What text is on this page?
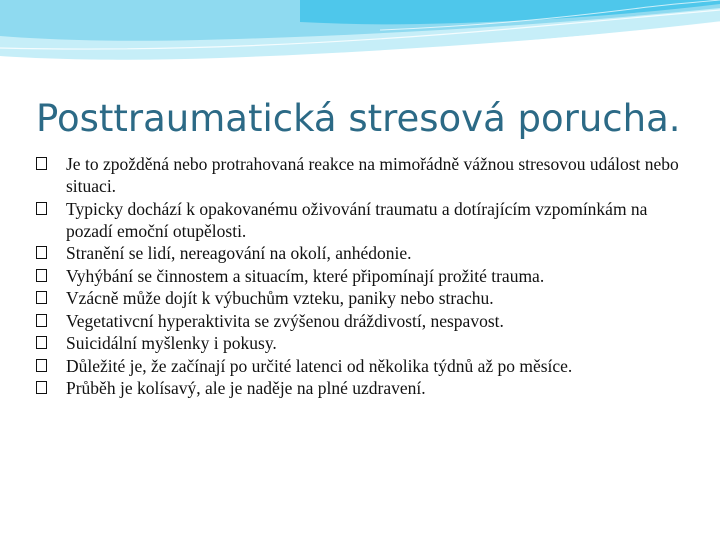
Posttraumatická stresová porucha.
Je to zpožděná nebo protrahovaná reakce na mimořádně vážnou stresovou událost nebo situaci.
Typicky dochází k opakovanému oživování traumatu a dotírajícím vzpomínkám na pozadí emoční otupělosti.
Stranění se lidí, nereagování na okolí, anhédonie.
Vyhýbání se činnostem a situacím, které připomínají prožité trauma.
Vzácně může dojít k výbuchům vzteku, paniky nebo strachu.
Vegetativcní hyperaktivita se zvýšenou dráždivostí, nespavost.
Suicidální myšlenky i pokusy.
Důležité je, že začínají po určité latenci od několika týdnů až po měsíce.
Průběh je kolísavý, ale je naděje na plné uzdravení.
